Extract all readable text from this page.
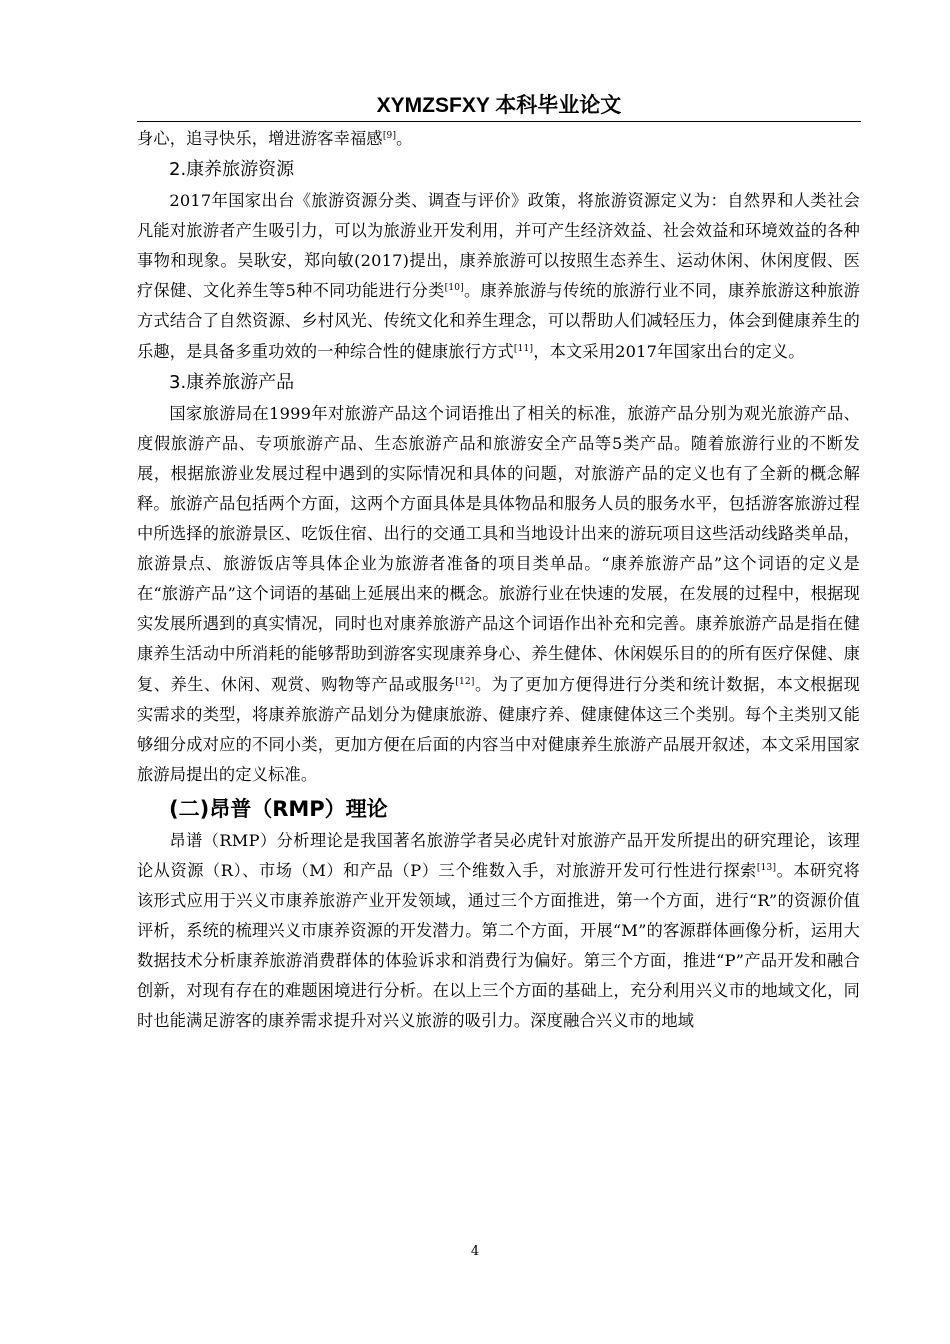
XYMZSFXY 本科毕业论文

身心，追寻快乐，增进游客幸福感[9]。

2.康养旅游资源

2017年国家出台《旅游资源分类、调查与评价》政策，将旅游资源定义为：自然界和人类社会凡能对旅游者产生吸引力，可以为旅游业开发利用，并可产生经济效益、社会效益和环境效益的各种事物和现象。吴耿安，郑向敏(2017)提出，康养旅游可以按照生态养生、运动休闲、休闲度假、医疗保健、文化养生等5种不同功能进行分类[10]。康养旅游与传统的旅游行业不同，康养旅游这种旅游方式结合了自然资源、乡村风光、传统文化和养生理念，可以帮助人们减轻压力，体会到健康养生的乐趣，是具备多重功效的一种综合性的健康旅行方式[11]，本文采用2017年国家出台的定义。

3.康养旅游产品

国家旅游局在1999年对旅游产品这个词语推出了相关的标准，旅游产品分别为观光旅游产品、度假旅游产品、专项旅游产品、生态旅游产品和旅游安全产品等5类产品。随着旅游行业的不断发展，根据旅游业发展过程中遇到的实际情况和具体的问题，对旅游产品的定义也有了全新的概念解释。旅游产品包括两个方面，这两个方面具体是具体物品和服务人员的服务水平，包括游客旅游过程中所选择的旅游景区、吃饭住宿、出行的交通工具和当地设计出来的游玩项目这些活动线路类单品，旅游景点、旅游饭店等具体企业为旅游者准备的项目类单品。“康养旅游产品”这个词语的定义是在“旅游产品”这个词语的基础上延展出来的概念。旅游行业在快速的发展，在发展的过程中，根据现实发展所遇到的真实情况，同时也对康养旅游产品这个词语作出补充和完善。康养旅游产品是指在健康养生活动中所消耗的能够帮助到游客实现康养身心、养生健体、休闲娱乐目的的所有医疗保健、康复、养生、休闲、观赏、购物等产品或服务[12]。为了更加方便得进行分类和统计数据，本文根据现实需求的类型，将康养旅游产品划分为健康旅游、健康疗养、健康健体这三个类别。每个主类别又能够细分成对应的不同小类，更加方便在后面的内容当中对健康养生旅游产品展开叙述，本文采用国家旅游局提出的定义标准。

(二)昂普（RMP）理论

昂谱（RMP）分析理论是我国著名旅游学者吴必虎针对旅游产品开发所提出的研究理论，该理论从资源（R）、市场（M）和产品（P）三个维数入手，对旅游开发可行性进行探索[13]。本研究将该形式应用于兴义市康养旅游产业开发领域，通过三个方面推进，第一个方面，进行“R”的资源价值评析，系统的梳理兴义市康养资源的开发潜力。第二个方面，开展“M”的客源群体画像分析，运用大数据技术分析康养旅游消费群体的体验诉求和消费行为偏好。第三个方面，推进“P”产品开发和融合创新，对现有存在的难题困境进行分析。在以上三个方面的基础上，充分利用兴义市的地域文化，同时也能满足游客的康养需求提升对兴义旅游的吸引力。深度融合兴义市的地域

4
